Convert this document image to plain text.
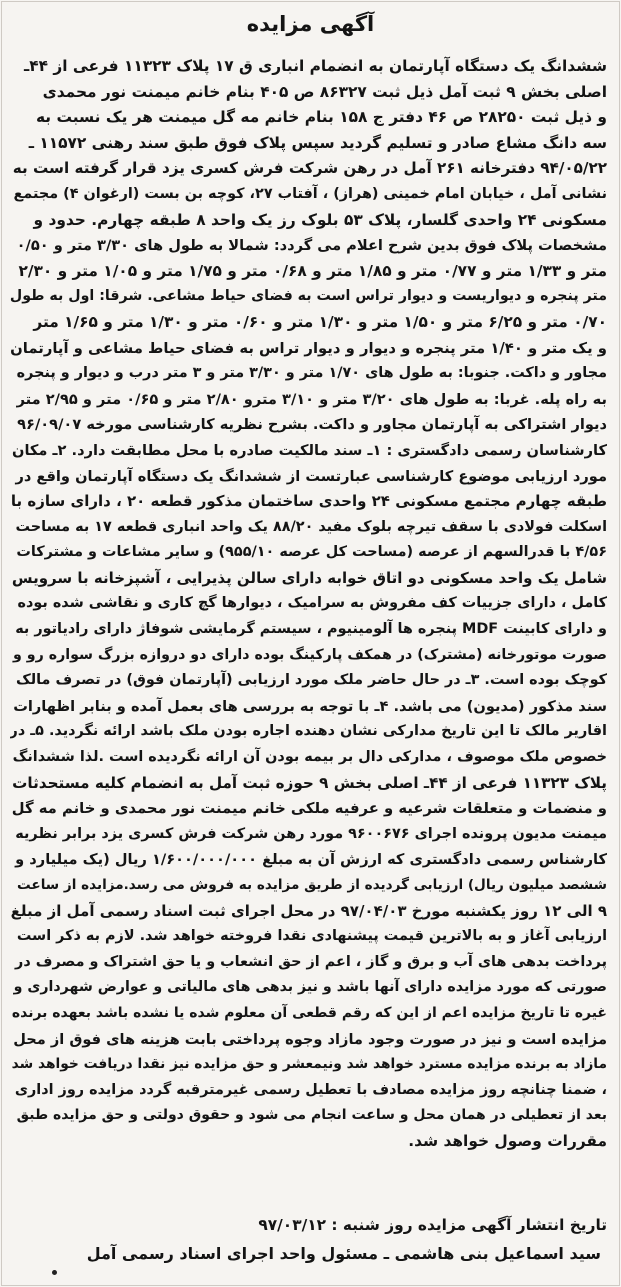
آگهی مزایده
ششدانگ یک دستگاه آپارتمان به انضمام انباری ق ۱۷ پلاک ۱۱۳۲۳ فرعی از ۴۴ـ
اصلی بخش ۹ ثبت آمل ذیل ثبت ۸۶۳۲۷ ص ۴۰۵ بنام خانم میمنت نور محمدی
و ذیل ثبت ۲۸۲۵۰ ص ۴۶ دفتر ج ۱۵۸ بنام خانم مه گل میمنت هر یک نسبت به
سه دانگ مشاع صادر و تسلیم گردید سپس پلاک فوق طبق سند رهنی ۱۱۵۷۲ ـ
۹۴/۰۵/۲۲ دفترخانه ۲۶۱ آمل در رهن شرکت فرش کسری یزد قرار گرفته است به
نشانی آمل ، خیابان امام خمینی (هراز) ، آفتاب ۲۷، کوچه بن بست (ارغوان ۴) مجتمع
مسکونی ۲۴ واحدی گلسار، پلاک ۵۳ بلوک رز یک واحد ۸ طبقه چهارم. حدود و
مشخصات پلاک فوق بدین شرح اعلام می گردد: شمالا به طول های ۳/۳۰ متر و ۰/۵۰
متر و ۱/۳۳ متر و ۰/۷۷ متر و ۱/۸۵ متر و ۰/۶۸ متر و ۱/۷۵ متر و ۱/۰۵ متر و ۲/۳۰
متر پنجره و دیواریست و دیوار تراس است به فضای حیاط مشاعی. شرقا: اول به طول
۰/۷۰ متر و ۶/۲۵ متر و ۱/۵۰ متر و ۱/۳۰ متر و ۰/۶۰ متر و ۱/۳۰ متر و ۱/۶۵ متر
و یک متر و ۱/۴۰ متر پنجره و دیوار و دیوار تراس به فضای حیاط مشاعی و آپارتمان
مجاور و داکت. جنوبا: به طول های ۱/۷۰ متر و ۳/۳۰ متر و ۳ متر درب و دیوار و پنجره
به راه پله. غربا: به طول های ۳/۲۰ متر و ۳/۱۰ مترو ۲/۸۰ متر و ۰/۶۵ متر و ۲/۹۵ متر
دیوار اشتراکی به آپارتمان مجاور و داکت. بشرح نظریه کارشناسی مورخه ۹۶/۰۹/۰۷
کارشناسان رسمی دادگستری : ۱ـ سند مالکیت صادره با محل مطابقت دارد. ۲ـ مکان
مورد ارزیابی موضوع کارشناسی عبارتست از ششدانگ یک دستگاه آپارتمان واقع در
طبقه چهارم مجتمع مسکونی ۲۴ واحدی ساختمان مذکور قطعه ۲۰ ، دارای سازه با
اسکلت فولادی با سقف تیرچه بلوک مفید ۸۸/۲۰ یک واحد انباری قطعه ۱۷ به مساحت
۴/۵۶ با قدرالسهم از عرصه (مساحت کل عرصه ۹۵۵/۱۰) و سایر مشاعات و مشترکات
شامل یک واحد مسکونی دو اتاق خوابه دارای سالن پذیرایی ، آشپزخانه با سرویس
کامل ، دارای جزییات کف مفروش به سرامیک ، دیوارها گچ کاری و نقاشی شده بوده
و دارای کابینت MDF پنجره ها آلومینیوم ، سیستم گرمایشی شوفاژ دارای رادیاتور به
صورت موتورخانه (مشترک) در همکف پارکینگ بوده دارای دو دروازه بزرگ سواره رو و
کوچک بوده است. ۳ـ در حال حاضر ملک مورد ارزیابی (آپارتمان فوق) در تصرف مالک
سند مذکور (مدیون) می باشد. ۴ـ با توجه به بررسی های بعمل آمده و بنابر اظهارات
اقاریر مالک تا این تاریخ مدارکی نشان دهنده اجاره بودن ملک باشد ارائه نگردید. ۵ـ در
خصوص ملک موصوف ، مدارکی دال بر بیمه بودن آن ارائه نگردیده است .لذا ششدانگ
پلاک ۱۱۳۲۳ فرعی از ۴۴ـ اصلی بخش ۹ حوزه ثبت آمل به انضمام کلیه مستحدثات
و منضمات و متعلقات شرعیه و عرفیه ملکی خانم میمنت نور محمدی و خانم مه گل
میمنت مدیون پرونده اجرای ۹۶۰۰۶۷۶ مورد رهن شرکت فرش کسری یزد برابر نظریه
کارشناس رسمی دادگستری که ارزش آن به مبلغ ۱/۶۰۰/۰۰۰/۰۰۰ ریال (یک میلیارد و
ششصد میلیون ریال) ارزیابی گردیده از طریق مزایده به فروش می رسد.مزایده از ساعت
۹ الی ۱۲ روز یکشنبه مورخ ۹۷/۰۴/۰۳ در محل اجرای ثبت اسناد رسمی آمل از مبلغ
ارزیابی آغاز و به بالاترین قیمت پیشنهادی نقدا فروخته خواهد شد. لازم به ذکر است
پرداخت بدهی های آب و برق و گاز ، اعم از حق انشعاب و یا حق اشتراک و مصرف در
صورتی که مورد مزایده دارای آنها باشد و نیز بدهی های مالیاتی و عوارض شهرداری و
غیره تا تاریخ مزایده اعم از این که رقم قطعی آن معلوم شده یا نشده باشد بعهده برنده
مزایده است و نیز در صورت وجود مازاد وجوه پرداختی بابت هزینه های فوق از محل
مازاد به برنده مزایده مسترد خواهد شد ونیمعشر و حق مزایده نیز نقدا دریافت خواهد شد
، ضمنا چنانچه روز مزایده مصادف با تعطیل رسمی غیرمترقبه گردد مزایده روز اداری
بعد از تعطیلی در همان محل و ساعت انجام می شود و حقوق دولتی و حق مزایده طبق
مقررات وصول خواهد شد.
تاریخ انتشار آگهی مزایده روز شنبه : ۹۷/۰۳/۱۲
سید اسماعیل بنی هاشمی ـ مسئول واحد اجرای اسناد رسمی آمل
